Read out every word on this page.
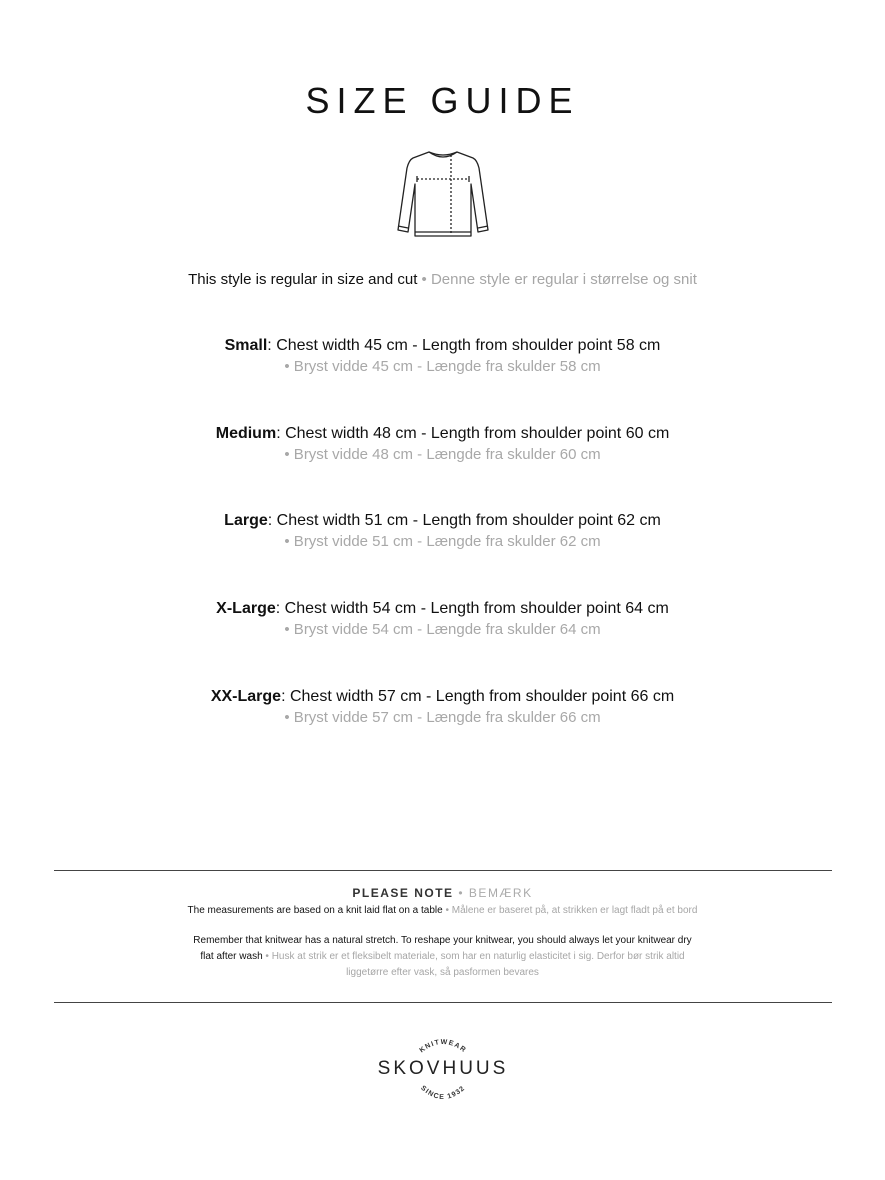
SIZE GUIDE
This style is regular in size and cut • Denne style er regular i størrelse og snit
Small: Chest width 45 cm - Length from shoulder point 58 cm
• Bryst vidde 45 cm - Længde fra skulder 58 cm
Medium: Chest width 48 cm - Length from shoulder point 60 cm
• Bryst vidde 48 cm - Længde fra skulder 60 cm
Large: Chest width 51 cm - Length from shoulder point 62 cm
• Bryst vidde 51 cm - Længde fra skulder 62 cm
X-Large: Chest width 54 cm - Length from shoulder point 64 cm
• Bryst vidde 54 cm - Længde fra skulder 64 cm
XX-Large: Chest width 57 cm - Length from shoulder point 66 cm
• Bryst vidde 57 cm - Længde fra skulder 66 cm
PLEASE NOTE • BEMÆRK
The measurements are based on a knit laid flat on a table • Målene er baseret på, at strikken er lagt fladt på et bord
Remember that knitwear has a natural stretch. To reshape your knitwear, you should always let your knitwear dry
flat after wash • Husk at strik er et fleksibelt materiale, som har en naturlig elasticitet i sig. Derfor bør strik altid
liggetørre efter vask, så pasformen bevares
KNITWEAR
SINCE 1932
SKOVHUUS
